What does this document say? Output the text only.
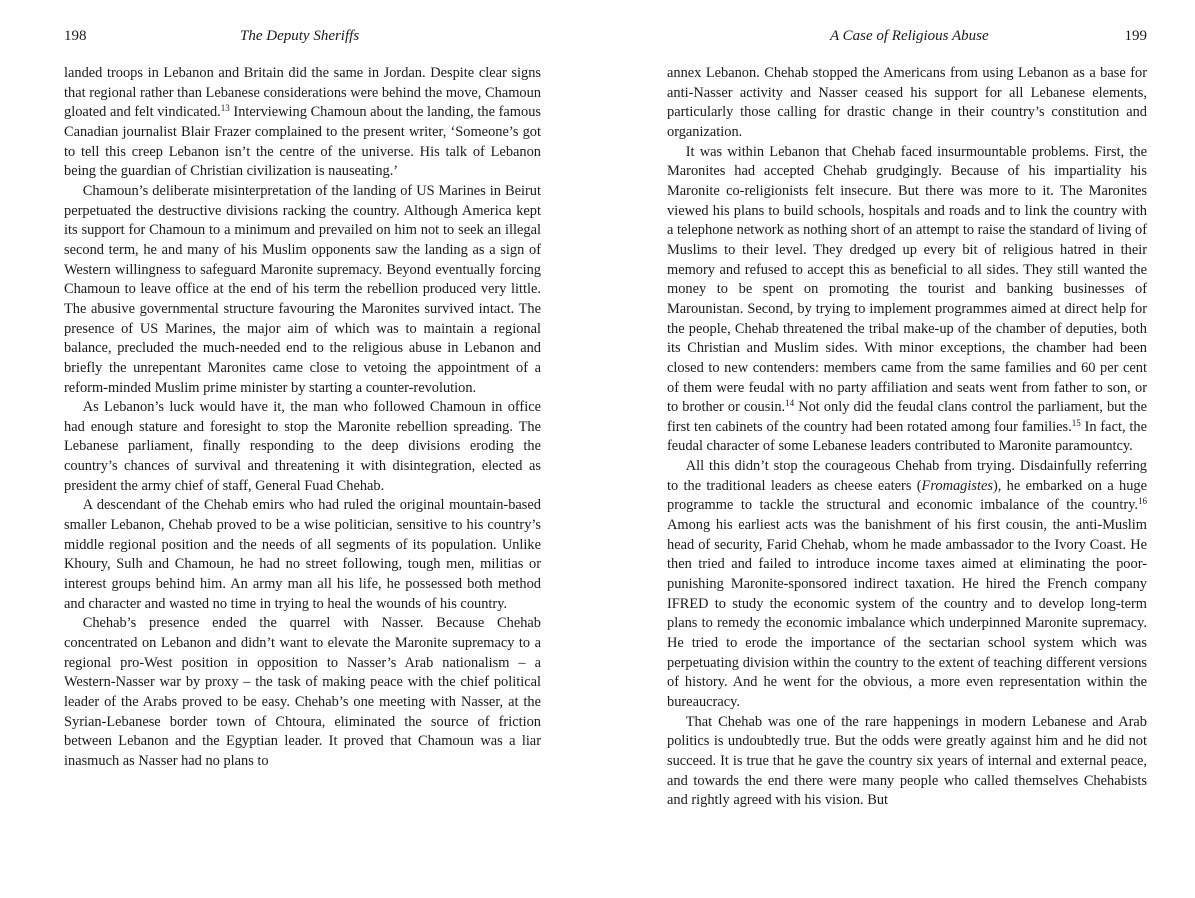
198	The Deputy Sheriffs

landed troops in Lebanon and Britain did the same in Jordan. Despite clear signs that regional rather than Lebanese considerations were behind the move, Chamoun gloated and felt vindicated.$^{13}$ Interviewing Chamoun about the landing, the famous Canadian journalist Blair Frazer complained to the present writer, ‘Someone’s got to tell this creep Lebanon isn’t the centre of the universe. His talk of Lebanon being the guardian of Christian civilization is nauseating.’

Chamoun’s deliberate misinterpretation of the landing of US Marines in Beirut perpetuated the destructive divisions racking the country. Although America kept its support for Chamoun to a minimum and prevailed on him not to seek an illegal second term, he and many of his Muslim opponents saw the landing as a sign of Western willingness to safeguard Maronite supremacy. Beyond eventually forcing Chamoun to leave office at the end of his term the rebellion produced very little. The abusive governmental structure favouring the Maronites survived intact. The presence of US Marines, the major aim of which was to maintain a regional balance, precluded the much-needed end to the religious abuse in Lebanon and briefly the unrepentant Maronites came close to vetoing the appointment of a reform-minded Muslim prime minister by starting a counter-revolution.

As Lebanon’s luck would have it, the man who followed Chamoun in office had enough stature and foresight to stop the Maronite rebellion spreading. The Lebanese parliament, finally responding to the deep divisions eroding the country’s chances of survival and threatening it with disintegration, elected as president the army chief of staff, General Fuad Chehab.

A descendant of the Chehab emirs who had ruled the original mountain-based smaller Lebanon, Chehab proved to be a wise politician, sensitive to his country’s middle regional position and the needs of all segments of its population. Unlike Khoury, Sulh and Chamoun, he had no street following, tough men, militias or interest groups behind him. An army man all his life, he possessed both method and character and wasted no time in trying to heal the wounds of his country.

Chehab’s presence ended the quarrel with Nasser. Because Chehab concentrated on Lebanon and didn’t want to elevate the Maronite supremacy to a regional pro-West position in opposition to Nasser’s Arab nationalism – a Western-Nasser war by proxy – the task of making peace with the chief political leader of the Arabs proved to be easy. Chehab’s one meeting with Nasser, at the Syrian-Lebanese border town of Chtoura, eliminated the source of friction between Lebanon and the Egyptian leader. It proved that Chamoun was a liar inasmuch as Nasser had no plans to

A Case of Religious Abuse	199

annex Lebanon. Chehab stopped the Americans from using Lebanon as a base for anti-Nasser activity and Nasser ceased his support for all Lebanese elements, particularly those calling for drastic change in their country’s constitution and organization.

It was within Lebanon that Chehab faced insurmountable problems. First, the Maronites had accepted Chehab grudgingly. Because of his impartiality his Maronite co-religionists felt insecure. But there was more to it. The Maronites viewed his plans to build schools, hospitals and roads and to link the country with a telephone network as nothing short of an attempt to raise the standard of living of Muslims to their level. They dredged up every bit of religious hatred in their memory and refused to accept this as beneficial to all sides. They still wanted the money to be spent on promoting the tourist and banking businesses of Marounistan. Second, by trying to implement programmes aimed at direct help for the people, Chehab threatened the tribal make-up of the chamber of deputies, both its Christian and Muslim sides. With minor exceptions, the chamber had been closed to new contenders: members came from the same families and 60 per cent of them were feudal with no party affiliation and seats went from father to son, or to brother or cousin.$^{14}$ Not only did the feudal clans control the parliament, but the first ten cabinets of the country had been rotated among four families.$^{15}$ In fact, the feudal character of some Lebanese leaders contributed to Maronite paramountcy.

All this didn’t stop the courageous Chehab from trying. Disdainfully referring to the traditional leaders as cheese eaters (Fromagistes), he embarked on a huge programme to tackle the structural and economic imbalance of the country.$^{16}$ Among his earliest acts was the banishment of his first cousin, the anti-Muslim head of security, Farid Chehab, whom he made ambassador to the Ivory Coast. He then tried and failed to introduce income taxes aimed at eliminating the poor-punishing Maronite-sponsored indirect taxation. He hired the French company IFRED to study the economic system of the country and to develop long-term plans to remedy the economic imbalance which underpinned Maronite supremacy. He tried to erode the importance of the sectarian school system which was perpetuating division within the country to the extent of teaching different versions of history. And he went for the obvious, a more even representation within the bureaucracy.

That Chehab was one of the rare happenings in modern Lebanese and Arab politics is undoubtedly true. But the odds were greatly against him and he did not succeed. It is true that he gave the country six years of internal and external peace, and towards the end there were many people who called themselves Chehabists and rightly agreed with his vision. But
